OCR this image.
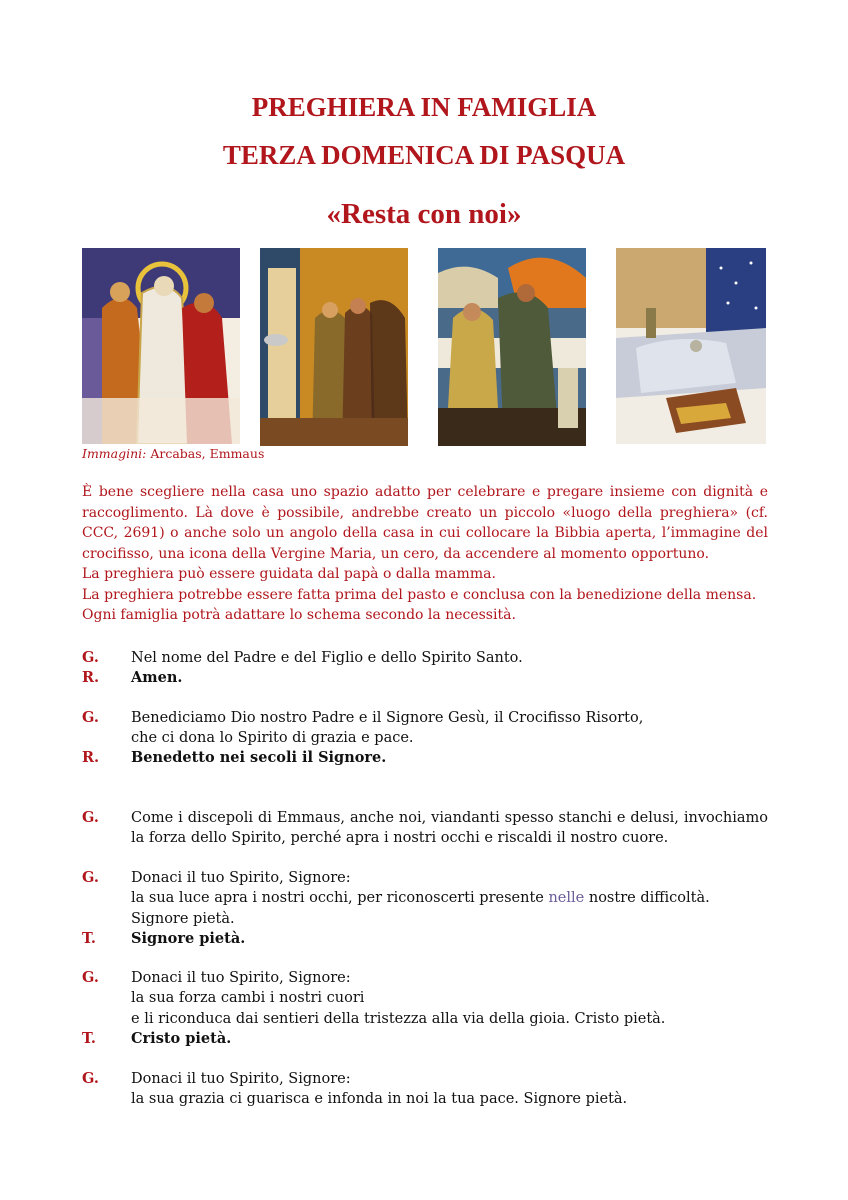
PREGHIERA IN FAMIGLIA
TERZA DOMENICA DI PASQUA
«Resta con noi»

Immagini: Arcabas, Emmaus

È bene scegliere nella casa uno spazio adatto per celebrare e pregare insieme con dignità e raccoglimento. Là dove è possibile, andrebbe creato un piccolo «luogo della preghiera» (cf. CCC, 2691) o anche solo un angolo della casa in cui collocare la Bibbia aperta, l’immagine del crocifisso, una icona della Vergine Maria, un cero, da accendere al momento opportuno.

La preghiera può essere guidata dal papà o dalla mamma.

La preghiera potrebbe essere fatta prima del pasto e conclusa con la benedizione della mensa.

Ogni famiglia potrà adattare lo schema secondo la necessità.

G.	Nel nome del Padre e del Figlio e dello Spirito Santo.
R.	Amen.
G.	Benediciamo Dio nostro Padre e il Signore Gesù, il Crocifisso Risorto,
che ci dona lo Spirito di grazia e pace.
R.	Benedetto nei secoli il Signore.
G.	Come i discepoli di Emmaus, anche noi, viandanti spesso stanchi e delusi, invochiamo la forza dello Spirito, perché apra i nostri occhi e riscaldi il nostro cuore.
G.	Donaci il tuo Spirito, Signore:
la sua luce apra i nostri occhi, per riconoscerti presente nelle nostre difficoltà.
Signore pietà.
T.	Signore pietà.
G.	Donaci il tuo Spirito, Signore:
la sua forza cambi i nostri cuori
e li riconduca dai sentieri della tristezza alla via della gioia. Cristo pietà.
T.	Cristo pietà.
G.	Donaci il tuo Spirito, Signore:
la sua grazia ci guarisca e infonda in noi la tua pace. Signore pietà.
